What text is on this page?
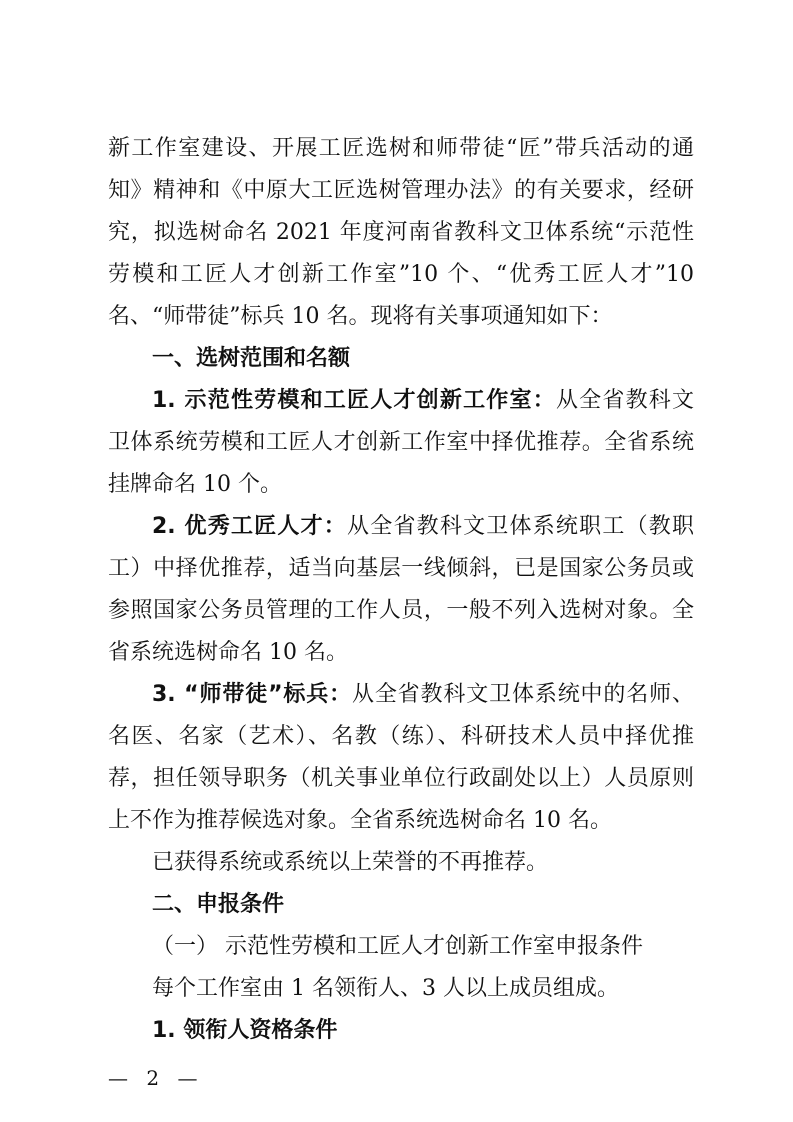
新工作室建设、开展工匠选树和师带徒“匠”带兵活动的通
知》精神和《中原大工匠选树管理办法》的有关要求，经研
究，拟选树命名 2021 年度河南省教科文卫体系统“示范性
劳模和工匠人才创新工作室”10 个、“优秀工匠人才”10
名、“师带徒”标兵 10 名。现将有关事项通知如下：
一、选树范围和名额
1. 示范性劳模和工匠人才创新工作室：从全省教科文
卫体系统劳模和工匠人才创新工作室中择优推荐。全省系统
挂牌命名 10 个。
2. 优秀工匠人才：从全省教科文卫体系统职工（教职
工）中择优推荐，适当向基层一线倾斜，已是国家公务员或
参照国家公务员管理的工作人员，一般不列入选树对象。全
省系统选树命名 10 名。
3. “师带徒”标兵：从全省教科文卫体系统中的名师、
名医、名家（艺术）、名教（练）、科研技术人员中择优推
荐，担任领导职务（机关事业单位行政副处以上）人员原则
上不作为推荐候选对象。全省系统选树命名 10 名。
已获得系统或系统以上荣誉的不再推荐。
二、申报条件
（一） 示范性劳模和工匠人才创新工作室申报条件
每个工作室由 1 名领衔人、3 人以上成员组成。
1. 领衔人资格条件
— 2 —
